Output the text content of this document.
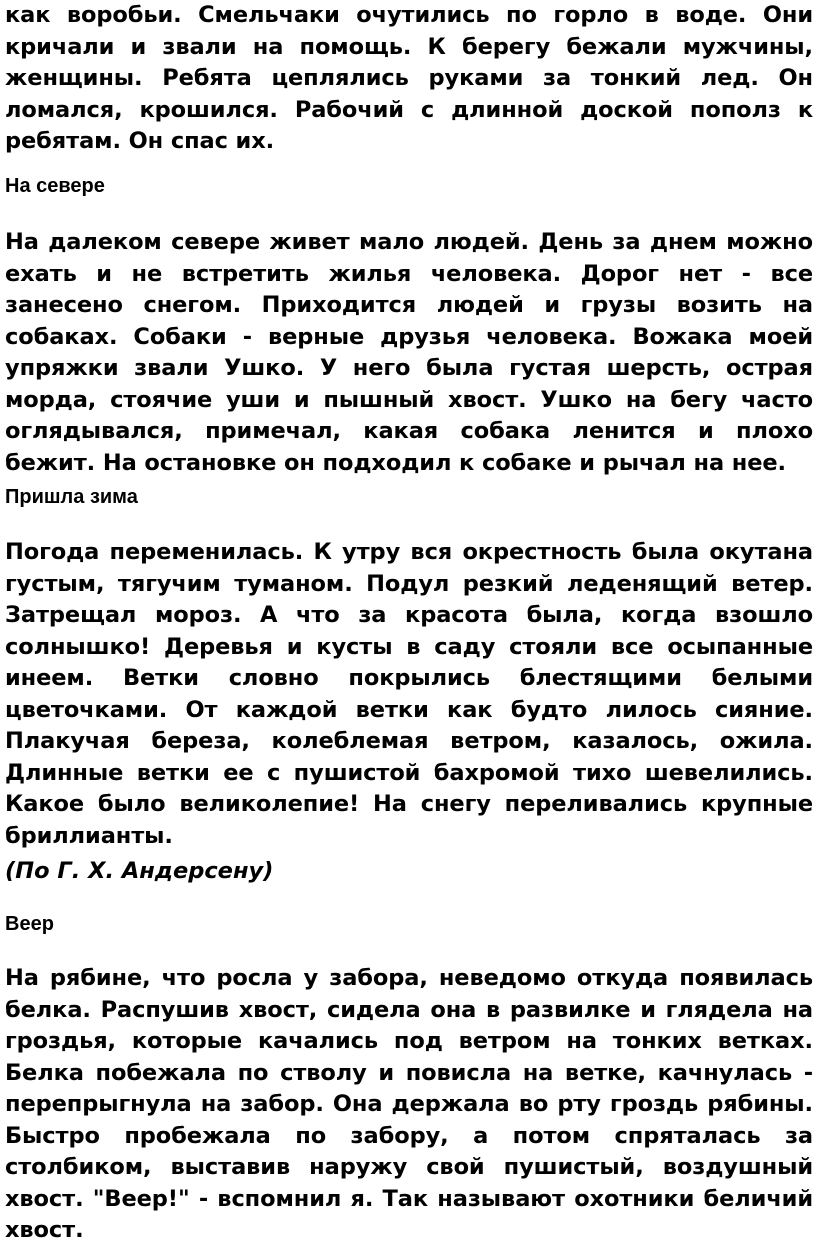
как воробьи. Смельчаки очутились по горло в воде. Они кричали и звали на помощь. К берегу бежали мужчины, женщины. Ребята цеплялись руками за тонкий лед. Он ломался, крошился. Рабочий с длинной доской пополз к ребятам. Он спас их.

На севере

На далеком севере живет мало людей. День за днем можно ехать и не встретить жилья человека. Дорог нет - все занесено снегом. Приходится людей и грузы возить на собаках. Собаки - верные друзья человека. Вожака моей упряжки звали Ушко. У него была густая шерсть, острая морда, стоячие уши и пышный хвост. Ушко на бегу часто оглядывался, примечал, какая собака ленится и плохо бежит. На остановке он подходил к собаке и рычал на нее.

Пришла зима

Погода переменилась. К утру вся окрестность была окутана густым, тягучим туманом. Подул резкий леденящий ветер. Затрещал мороз. А что за красота была, когда взошло солнышко! Деревья и кусты в саду стояли все осыпанные инеем. Ветки словно покрылись блестящими белыми цветочками. От каждой ветки как будто лилось сияние. Плакучая береза, колеблемая ветром, казалось, ожила. Длинные ветки ее с пушистой бахромой тихо шевелились. Какое было великолепие! На снегу переливались крупные бриллианты.

(По Г. Х. Андерсену)

Веер

На рябине, что росла у забора, неведомо откуда появилась белка. Распушив хвост, сидела она в развилке и глядела на гроздья, которые качались под ветром на тонких ветках. Белка побежала по стволу и повисла на ветке, качнулась - перепрыгнула на забор. Она держала во рту гроздь рябины. Быстро пробежала по забору, а потом спряталась за столбиком, выставив наружу свой пушистый, воздушный хвост. "Веер!" - вспомнил я. Так называют охотники беличий хвост.
